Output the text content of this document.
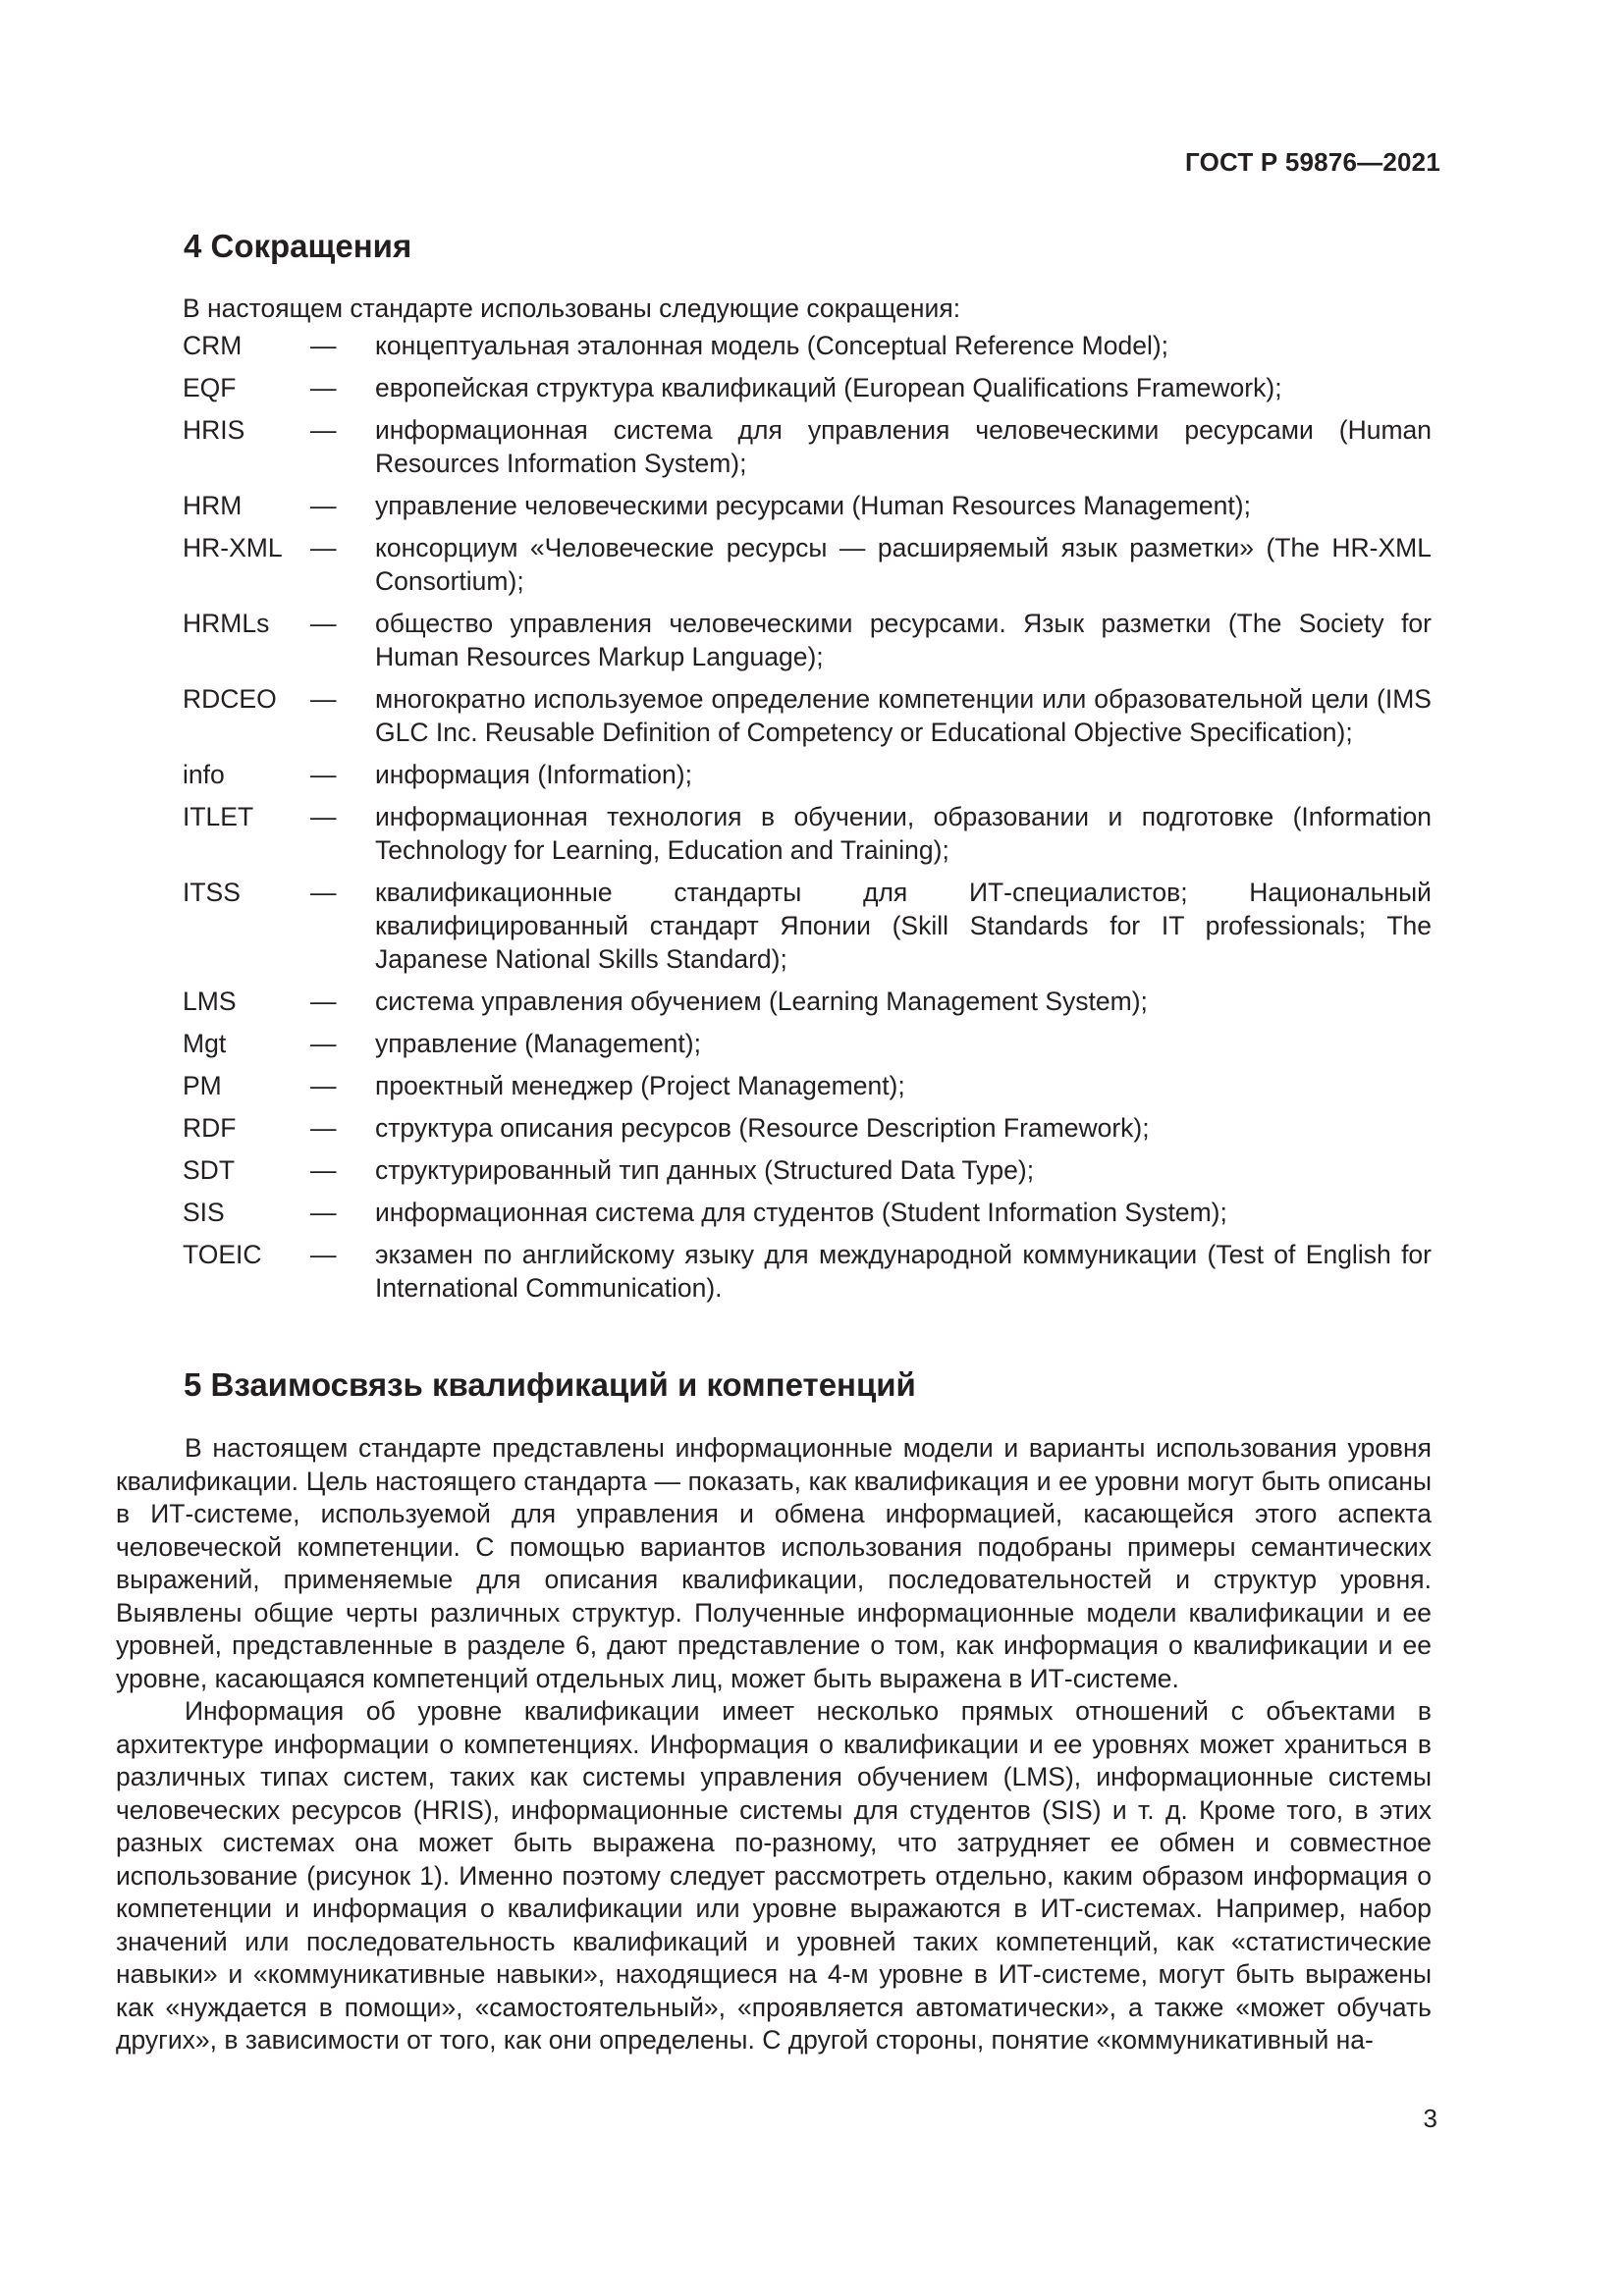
ГОСТ Р 59876—2021
4 Сокращения
В настоящем стандарте использованы следующие сокращения:
CRM	—	концептуальная эталонная модель (Conceptual Reference Model);
EQF	—	европейская структура квалификаций (European Qualifications Framework);
HRIS	—	информационная система для управления человеческими ресурсами (Human Resources Information System);
HRM	—	управление человеческими ресурсами (Human Resources Management);
HR-XML	—	консорциум «Человеческие ресурсы — расширяемый язык разметки» (The HR-XML Consortium);
HRMLs	—	общество управления человеческими ресурсами. Язык разметки (The Society for Human Resources Markup Language);
RDCEO	—	многократно используемое определение компетенции или образовательной цели (IMS GLC Inc. Reusable Definition of Competency or Educational Objective Specification);
info	—	информация (Information);
ITLET	—	информационная технология в обучении, образовании и подготовке (Information Technology for Learning, Education and Training);
ITSS	—	квалификационные стандарты для ИТ-специалистов; Национальный квалифицированный стандарт Японии (Skill Standards for IT professionals; The Japanese National Skills Standard);
LMS	—	система управления обучением (Learning Management System);
Mgt	—	управление (Management);
PM	—	проектный менеджер (Project Management);
RDF	—	структура описания ресурсов (Resource Description Framework);
SDT	—	структурированный тип данных (Structured Data Type);
SIS	—	информационная система для студентов (Student Information System);
TOEIC	—	экзамен по английскому языку для международной коммуникации (Test of English for International Communication).
5 Взаимосвязь квалификаций и компетенций

В настоящем стандарте представлены информационные модели и варианты использования уровня квалификации. Цель настоящего стандарта — показать, как квалификация и ее уровни могут быть описаны в ИТ-системе, используемой для управления и обмена информацией, касающейся этого аспекта человеческой компетенции. С помощью вариантов использования подобраны примеры семантических выражений, применяемые для описания квалификации, последовательностей и структур уровня. Выявлены общие черты различных структур. Полученные информационные модели квалификации и ее уровней, представленные в разделе 6, дают представление о том, как информация о квалификации и ее уровне, касающаяся компетенций отдельных лиц, может быть выражена в ИТ-системе.

Информация об уровне квалификации имеет несколько прямых отношений с объектами в архитектуре информации о компетенциях. Информация о квалификации и ее уровнях может храниться в различных типах систем, таких как системы управления обучением (LMS), информационные системы человеческих ресурсов (HRIS), информационные системы для студентов (SIS) и т. д. Кроме того, в этих разных системах она может быть выражена по-разному, что затрудняет ее обмен и совместное использование (рисунок 1). Именно поэтому следует рассмотреть отдельно, каким образом информация о компетенции и информация о квалификации или уровне выражаются в ИТ-системах. Например, набор значений или последовательность квалификаций и уровней таких компетенций, как «статистические навыки» и «коммуникативные навыки», находящиеся на 4-м уровне в ИТ-системе, могут быть выражены как «нуждается в помощи», «самостоятельный», «проявляется автоматически», а также «может обучать других», в зависимости от того, как они определены. С другой стороны, понятие «коммуникативный на-

3
